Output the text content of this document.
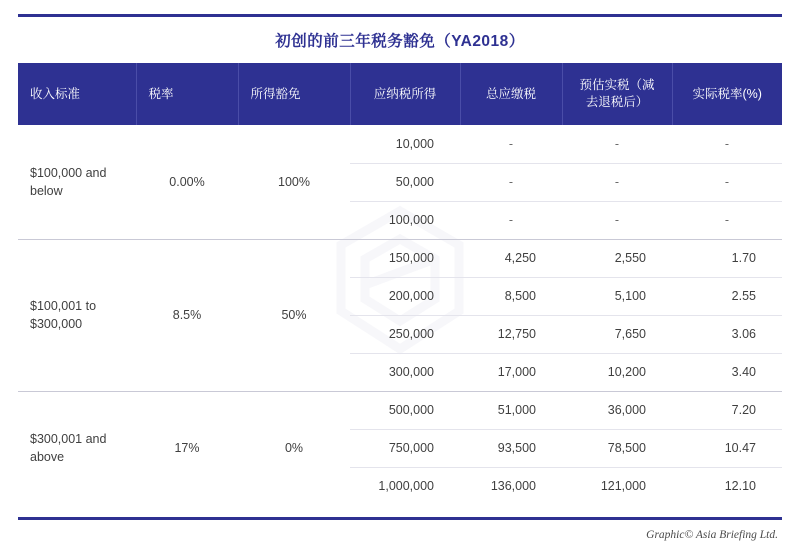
初创的前三年税务豁免（YA2018）
收入标准	税率	所得豁免	应纳税所得	总应缴税	预估实税（减去退税后）	实际税率(%)
$100,000 and below	0.00%	100%	10,000	-	-	-
			50,000	-	-	-
			100,000	-	-	-
$100,001 to $300,000	8.5%	50%	150,000	4,250	2,550	1.70
			200,000	8,500	5,100	2.55
			250,000	12,750	7,650	3.06
			300,000	17,000	10,200	3.40
$300,001 and above	17%	0%	500,000	51,000	36,000	7.20
			750,000	93,500	78,500	10.47
			1,000,000	136,000	121,000	12.10
Graphic© Asia Briefing Ltd.
